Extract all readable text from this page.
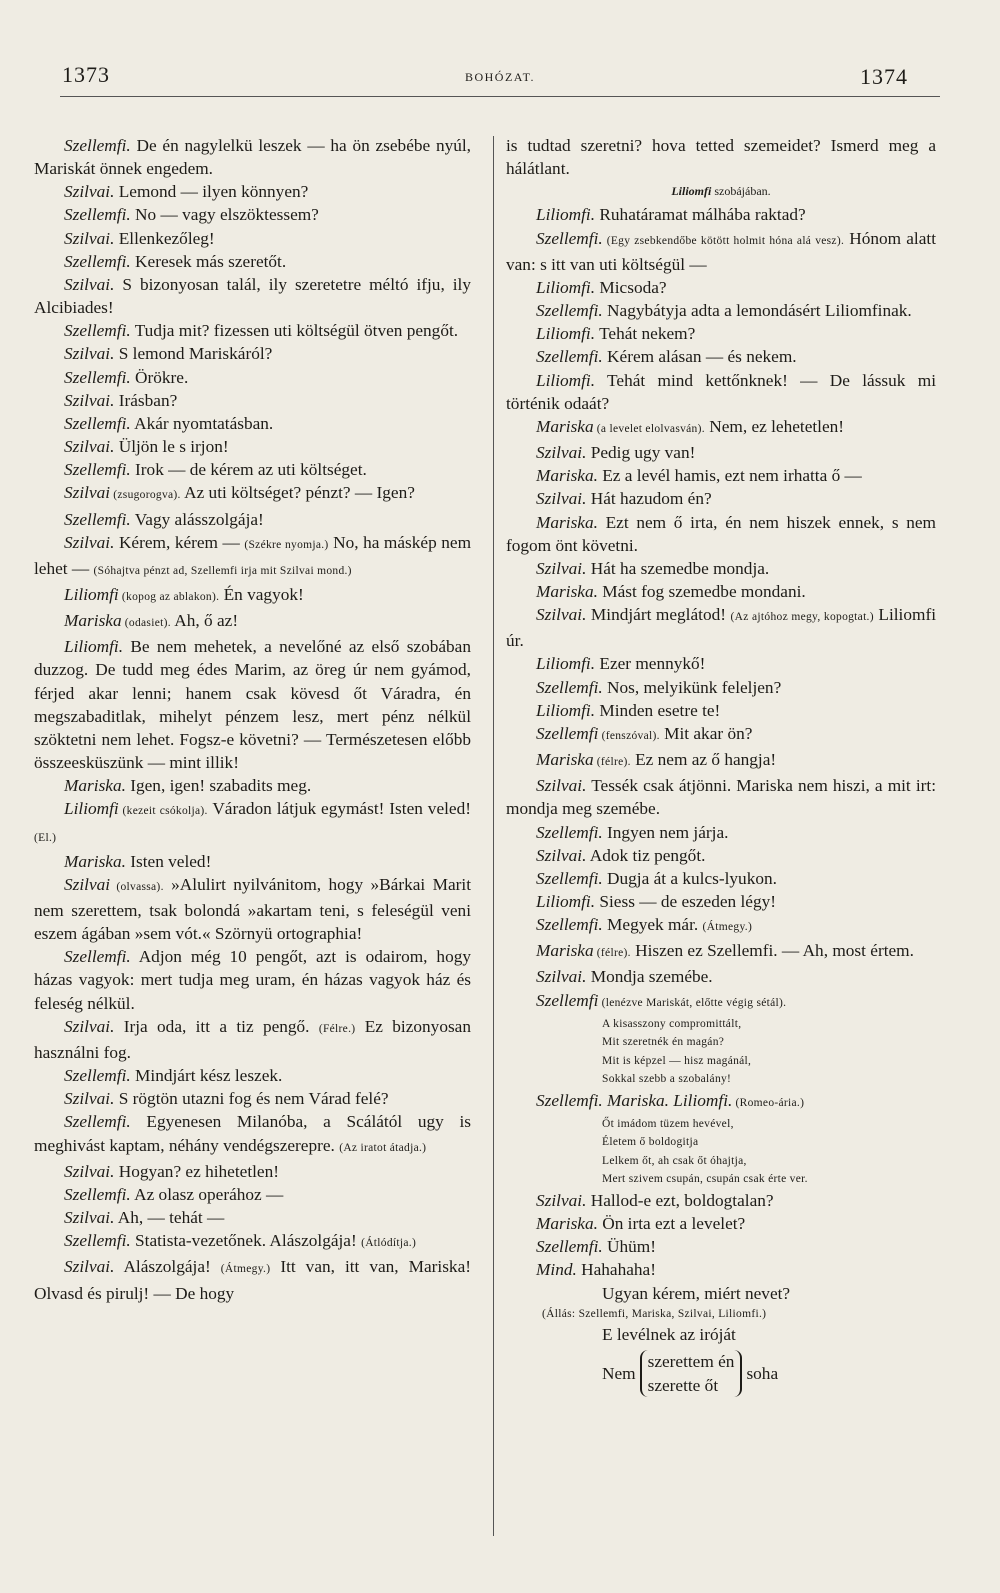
1373	BOHÓZAT.	1374

Szellemfi. De én nagylelkü leszek — ha ön zsebébe nyúl, Mariskát önnek engedem.

Szilvai. Lemond — ilyen könnyen?

Szellemfi. No — vagy elszöktessem?

Szilvai. Ellenkezőleg!

Szellemfi. Keresek más szeretőt.

Szilvai. S bizonyosan talál, ily szeretetre méltó ifju, ily Alcibiades!

Szellemfi. Tudja mit? fizessen uti költségül ötven pengőt.

Szilvai. S lemond Mariskáról?

Szellemfi. Örökre.

Szilvai. Irásban?

Szellemfi. Akár nyomtatásban.

Szilvai. Üljön le s irjon!

Szellemfi. Irok — de kérem az uti költséget.

Szilvai (zsugorogva). Az uti költséget? pénzt? — Igen?

Szellemfi. Vagy alásszolgája!

Szilvai. Kérem, kérem — (Székre nyomja.) No, ha máskép nem lehet — (Sóhajtva pénzt ad, Szellemfi irja mit Szilvai mond.)

Liliomfi (kopog az ablakon). Én vagyok!

Mariska (odasiet). Ah, ő az!

Liliomfi. Be nem mehetek, a nevelőné az első szobában duzzog. De tudd meg édes Marim, az öreg úr nem gyámod, férjed akar lenni; hanem csak kövesd őt Váradra, én megszabaditlak, mihelyt pénzem lesz, mert pénz nélkül szöktetni nem lehet. Fogsz-e követni? — Természetesen előbb összeesküszünk — mint illik!

Mariska. Igen, igen! szabadits meg.

Liliomfi (kezeit csókolja). Váradon látjuk egymást! Isten veled! (El.)

Mariska. Isten veled!

Szilvai (olvassa). »Alulirt nyilvánitom, hogy »Bárkai Marit nem szerettem, tsak bolondá »akartam teni, s feleségül veni eszem ágában »sem vót.« Szörnyü ortographia!

Szellemfi. Adjon még 10 pengőt, azt is odairom, hogy házas vagyok: mert tudja meg uram, én házas vagyok ház és feleség nélkül.

Szilvai. Irja oda, itt a tiz pengő. (Félre.) Ez bizonyosan használni fog.

Szellemfi. Mindjárt kész leszek.

Szilvai. S rögtön utazni fog és nem Várad felé?

Szellemfi. Egyenesen Milanóba, a Scálától ugy is meghivást kaptam, néhány vendégszerepre. (Az iratot átadja.)

Szilvai. Hogyan? ez hihetetlen!

Szellemfi. Az olasz operához —

Szilvai. Ah, — tehát —

Szellemfi. Statista-vezetőnek. Alászolgája! (Átlódítja.)

Szilvai. Alászolgája! (Átmegy.) Itt van, itt van, Mariska! Olvasd és pirulj! — De hogy

is tudtad szeretni? hova tetted szemeidet? Ismerd meg a hálátlant.

Liliomfi szobájában.

Liliomfi. Ruhatáramat málhába raktad?

Szellemfi. (Egy zsebkendőbe kötött holmit hóna alá vesz). Hónom alatt van: s itt van uti költségül —

Liliomfi. Micsoda?

Szellemfi. Nagybátyja adta a lemondásért Liliomfinak.

Liliomfi. Tehát nekem?

Szellemfi. Kérem alásan — és nekem.

Liliomfi. Tehát mind kettőnknek! — De lássuk mi történik odaát?

Mariska (a levelet elolvasván). Nem, ez lehetetlen!

Szilvai. Pedig ugy van!

Mariska. Ez a levél hamis, ezt nem irhatta ő —

Szilvai. Hát hazudom én?

Mariska. Ezt nem ő irta, én nem hiszek ennek, s nem fogom önt követni.

Szilvai. Hát ha szemedbe mondja.

Mariska. Mást fog szemedbe mondani.

Szilvai. Mindjárt meglátod! (Az ajtóhoz megy, kopogtat.) Liliomfi úr.

Liliomfi. Ezer mennykő!

Szellemfi. Nos, melyikünk feleljen?

Liliomfi. Minden esetre te!

Szellemfi (fenszóval). Mit akar ön?

Mariska (félre). Ez nem az ő hangja!

Szilvai. Tessék csak átjönni. Mariska nem hiszi, a mit irt: mondja meg szemébe.

Szellemfi. Ingyen nem járja.

Szilvai. Adok tiz pengőt.

Szellemfi. Dugja át a kulcs-lyukon.

Liliomfi. Siess — de eszeden légy!

Szellemfi. Megyek már. (Átmegy.)

Mariska (félre). Hiszen ez Szellemfi. — Ah, most értem.

Szilvai. Mondja szemébe.

Szellemfi (lenézve Mariskát, előtte végig sétál).

A kisasszony compromittált,

Mit szeretnék én magán?

Mit is képzel — hisz magánál,

Sokkal szebb a szobalány!

Szellemfi. Mariska. Liliomfi. (Romeo-ária.)

Őt imádom tüzem hevével,

Életem ő boldogitja

Lelkem őt, ah csak őt óhajtja,

Mert szivem csupán, csupán csak érte ver.

Szilvai. Hallod-e ezt, boldogtalan?

Mariska. Ön irta ezt a levelet?

Szellemfi. Ühüm!

Mind. Hahahaha!

Ugyan kérem, miért nevet?

(Állás: Szellemfi, Mariska, Szilvai, Liliomfi.)

E levélnek az iróját

Nem
szerettem én
szerette őt
soha
